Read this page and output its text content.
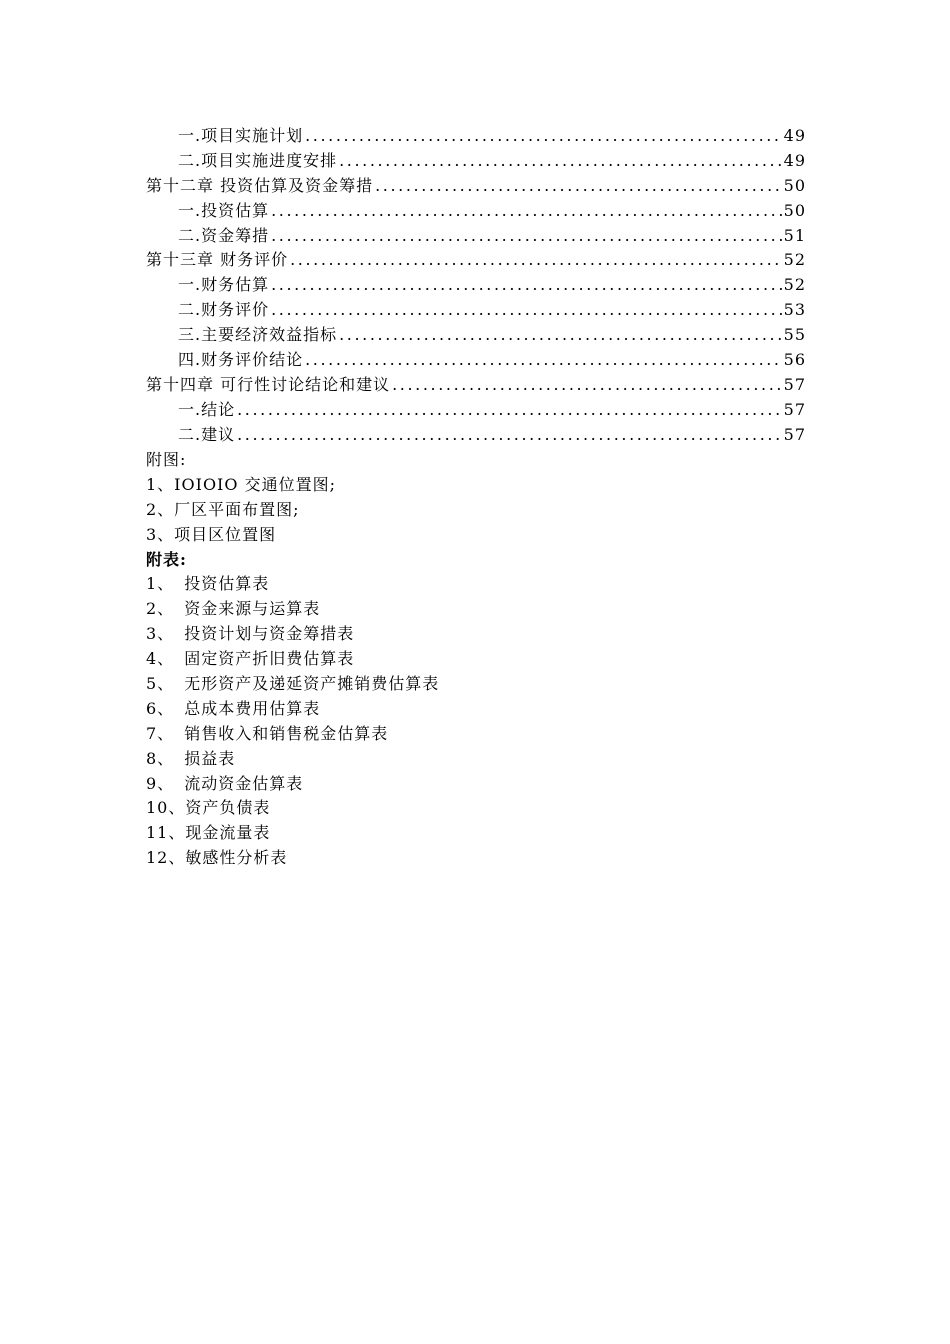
一.项目实施计划 .....	49
二.项目实施进度安排 .....	49
第十二章 投资估算及资金筹措 .....	50
一.投资估算 .....	50
二.资金筹措 .....	51
第十三章 财务评价 .....	52
一.财务估算 .....	52
二.财务评价 .....	53
三.主要经济效益指标 .....	55
四.财务评价结论 .....	56
第十四章 可行性讨论结论和建议 .....	57
一.结论 .....	57
二.建议 .....	57
附图:
1、IOIOIO 交通位置图;
2、厂区平面布置图;
3、项目区位置图
附表:
1、 投资估算表
2、 资金来源与运算表
3、 投资计划与资金筹措表
4、 固定资产折旧费估算表
5、 无形资产及递延资产摊销费估算表
6、 总成本费用估算表
7、 销售收入和销售税金估算表
8、 损益表
9、 流动资金估算表
10、资产负债表
11、现金流量表
12、敏感性分析表
